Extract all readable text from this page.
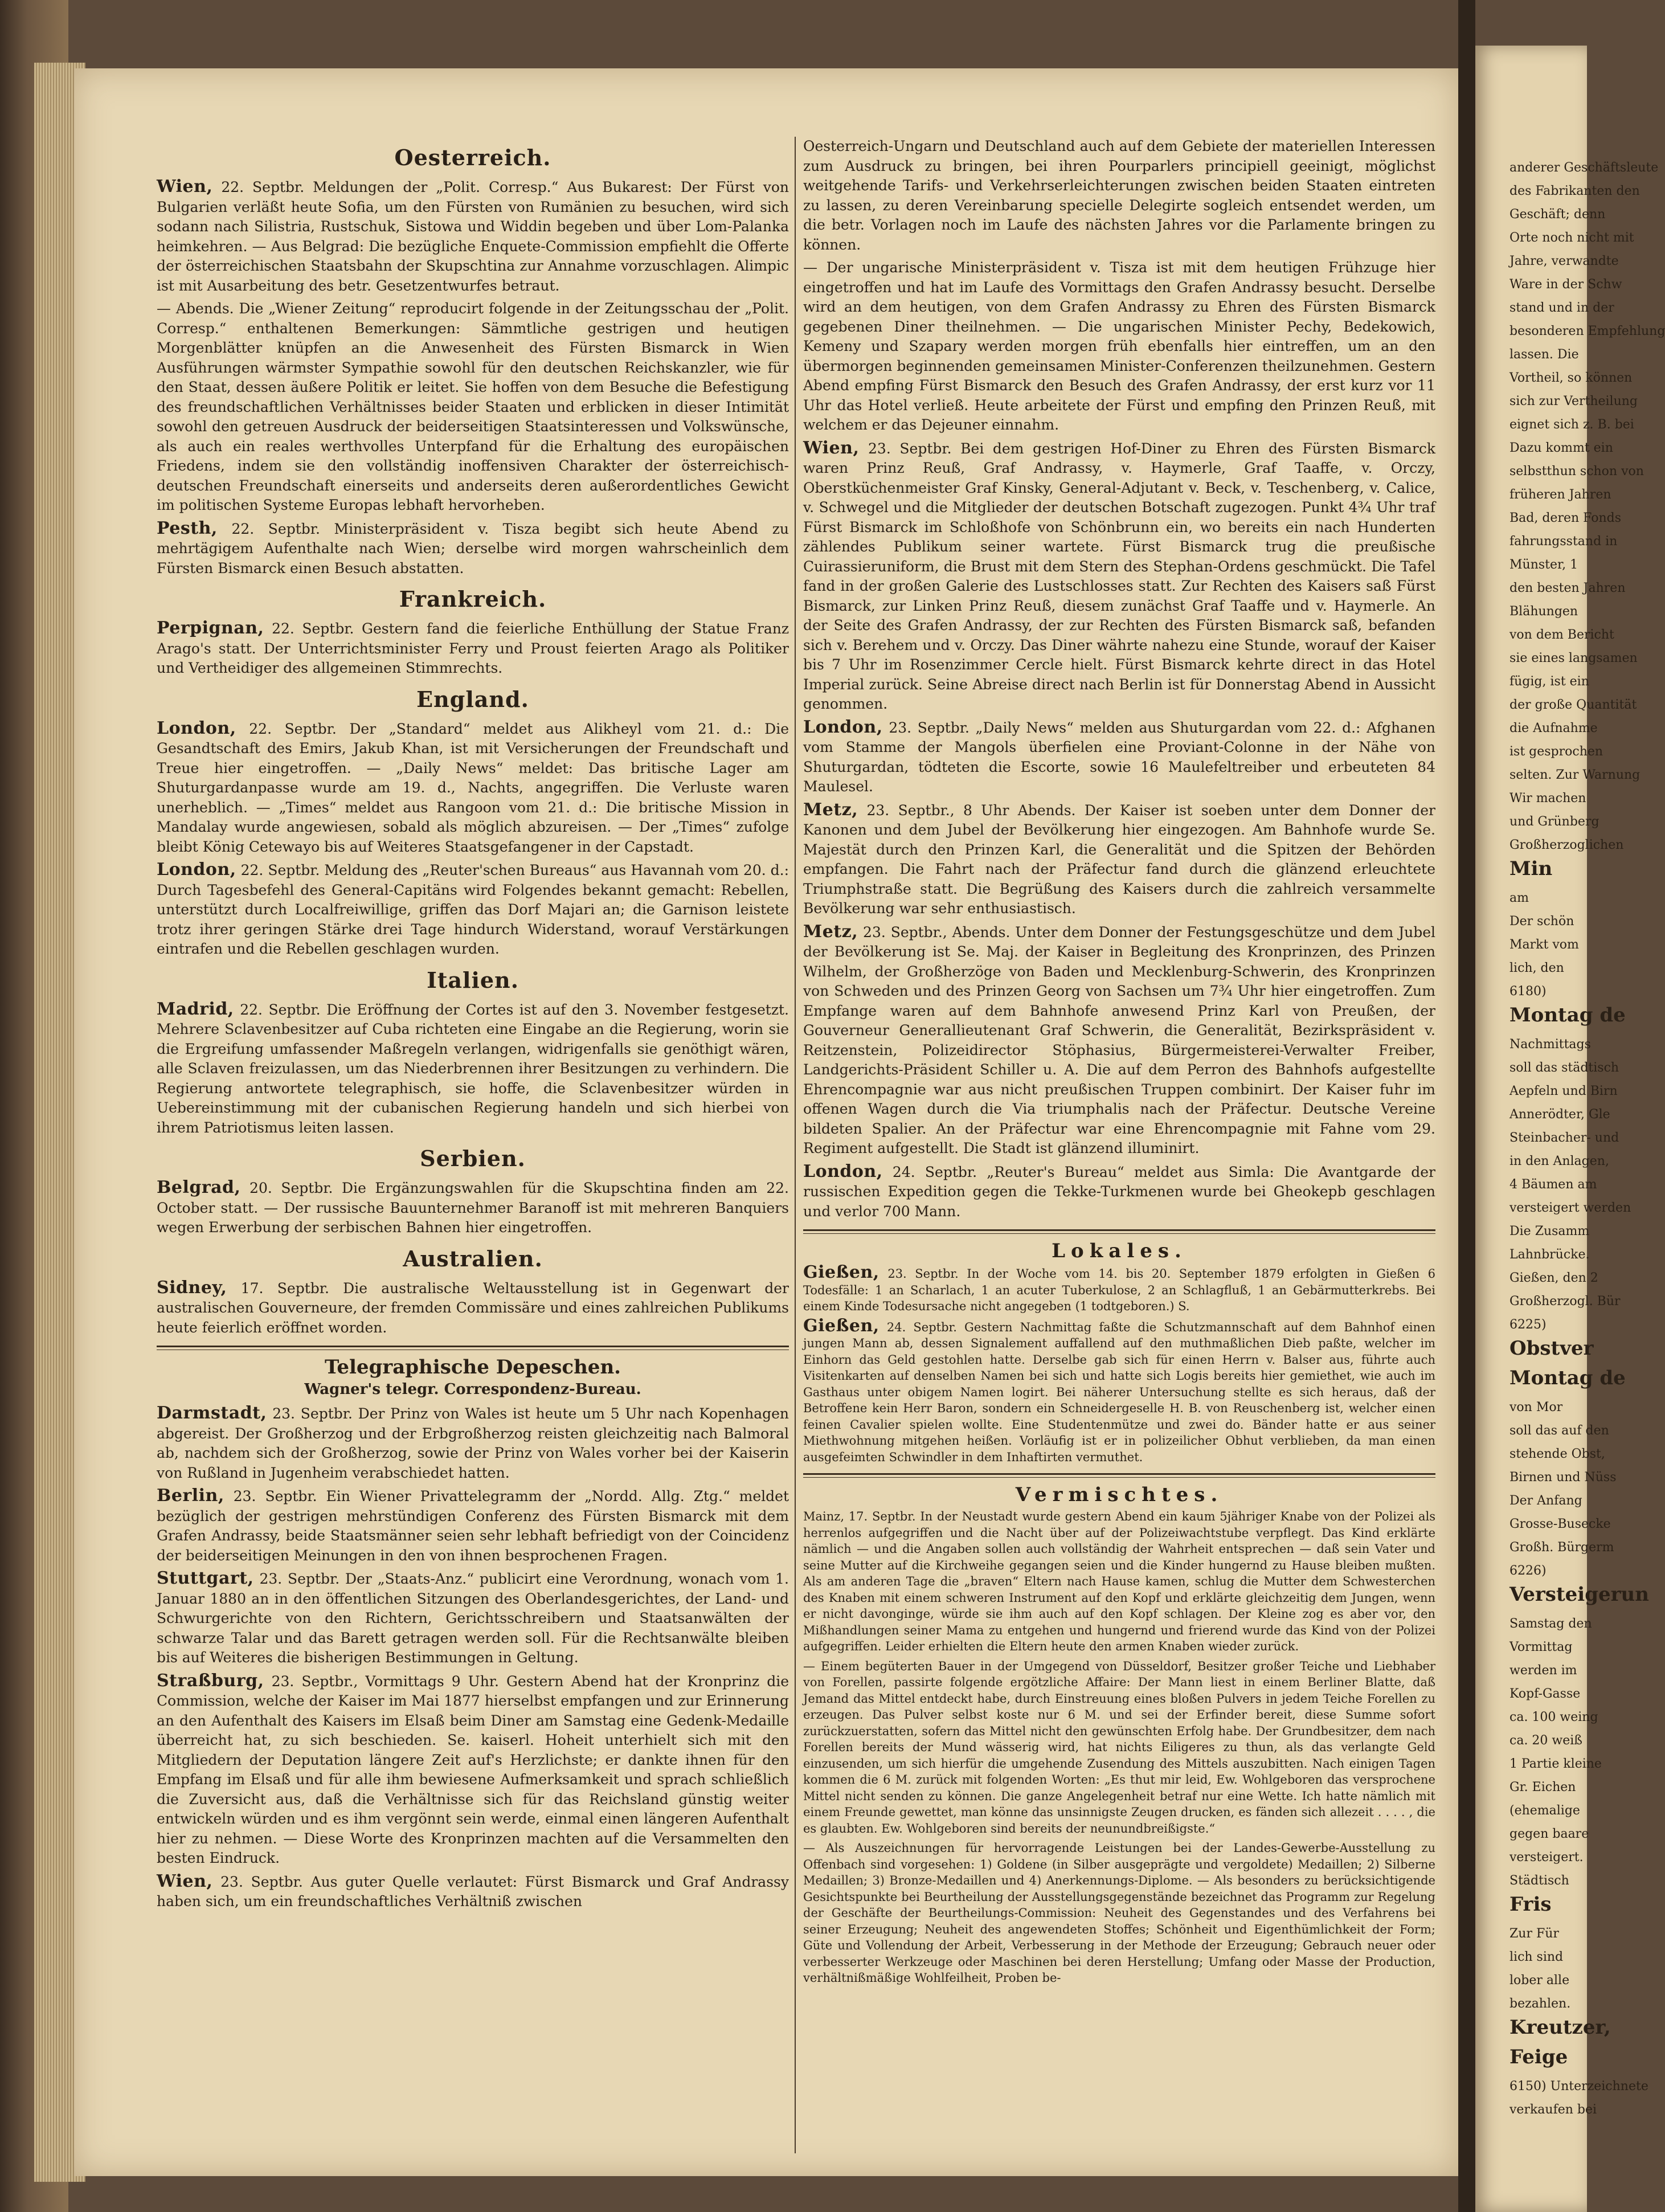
Oesterreich.

Wien, 22. Septbr. Meldungen der „Polit. Corresp.“ Aus Bukarest: Der Fürst von Bulgarien verläßt heute Sofia, um den Fürsten von Rumänien zu besuchen, wird sich sodann nach Silistria, Rustschuk, Sistowa und Widdin begeben und über Lom-Palanka heimkehren. — Aus Belgrad: Die bezügliche Enquete-Commission empfiehlt die Offerte der österreichischen Staatsbahn der Skupschtina zur Annahme vorzuschlagen. Alimpic ist mit Ausarbeitung des betr. Gesetzentwurfes betraut.

— Abends. Die „Wiener Zeitung“ reproducirt folgende in der Zeitungsschau der „Polit. Corresp.“ enthaltenen Bemerkungen: Sämmtliche gestrigen und heutigen Morgenblätter knüpfen an die Anwesenheit des Fürsten Bismarck in Wien Ausführungen wärmster Sympathie sowohl für den deutschen Reichskanzler, wie für den Staat, dessen äußere Politik er leitet. Sie hoffen von dem Besuche die Befestigung des freundschaftlichen Verhältnisses beider Staaten und erblicken in dieser Intimität sowohl den getreuen Ausdruck der beiderseitigen Staatsinteressen und Volkswünsche, als auch ein reales werthvolles Unterpfand für die Erhaltung des europäischen Friedens, indem sie den vollständig inoffensiven Charakter der österreichisch-deutschen Freundschaft einerseits und anderseits deren außerordentliches Gewicht im politischen Systeme Europas lebhaft hervorheben.

Pesth, 22. Septbr. Ministerpräsident v. Tisza begibt sich heute Abend zu mehrtägigem Aufenthalte nach Wien; derselbe wird morgen wahrscheinlich dem Fürsten Bismarck einen Besuch abstatten.

Frankreich.

Perpignan, 22. Septbr. Gestern fand die feierliche Enthüllung der Statue Franz Arago's statt. Der Unterrichtsminister Ferry und Proust feierten Arago als Politiker und Vertheidiger des allgemeinen Stimmrechts.

England.

London, 22. Septbr. Der „Standard“ meldet aus Alikheyl vom 21. d.: Die Gesandtschaft des Emirs, Jakub Khan, ist mit Versicherungen der Freundschaft und Treue hier eingetroffen. — „Daily News“ meldet: Das britische Lager am Shuturgardanpasse wurde am 19. d., Nachts, angegriffen. Die Verluste waren unerheblich. — „Times“ meldet aus Rangoon vom 21. d.: Die britische Mission in Mandalay wurde angewiesen, sobald als möglich abzureisen. — Der „Times“ zufolge bleibt König Cetewayo bis auf Weiteres Staatsgefangener in der Capstadt.

London, 22. Septbr. Meldung des „Reuter'schen Bureaus“ aus Havannah vom 20. d.: Durch Tagesbefehl des General-Capitäns wird Folgendes bekannt gemacht: Rebellen, unterstützt durch Localfreiwillige, griffen das Dorf Majari an; die Garnison leistete trotz ihrer geringen Stärke drei Tage hindurch Widerstand, worauf Verstärkungen eintrafen und die Rebellen geschlagen wurden.

Italien.

Madrid, 22. Septbr. Die Eröffnung der Cortes ist auf den 3. November festgesetzt. Mehrere Sclavenbesitzer auf Cuba richteten eine Eingabe an die Regierung, worin sie die Ergreifung umfassender Maßregeln verlangen, widrigenfalls sie genöthigt wären, alle Sclaven freizulassen, um das Niederbrennen ihrer Besitzungen zu verhindern. Die Regierung antwortete telegraphisch, sie hoffe, die Sclavenbesitzer würden in Uebereinstimmung mit der cubanischen Regierung handeln und sich hierbei von ihrem Patriotismus leiten lassen.

Serbien.

Belgrad, 20. Septbr. Die Ergänzungswahlen für die Skupschtina finden am 22. October statt. — Der russische Bauunternehmer Baranoff ist mit mehreren Banquiers wegen Erwerbung der serbischen Bahnen hier eingetroffen.

Australien.

Sidney, 17. Septbr. Die australische Weltausstellung ist in Gegenwart der australischen Gouverneure, der fremden Commissäre und eines zahlreichen Publikums heute feierlich eröffnet worden.

Telegraphische Depeschen.
Wagner's telegr. Correspondenz-Bureau.

Darmstadt, 23. Septbr. Der Prinz von Wales ist heute um 5 Uhr nach Kopenhagen abgereist. Der Großherzog und der Erbgroßherzog reisten gleichzeitig nach Balmoral ab, nachdem sich der Großherzog, sowie der Prinz von Wales vorher bei der Kaiserin von Rußland in Jugenheim verabschiedet hatten.

Berlin, 23. Septbr. Ein Wiener Privattelegramm der „Nordd. Allg. Ztg.“ meldet bezüglich der gestrigen mehrstündigen Conferenz des Fürsten Bismarck mit dem Grafen Andrassy, beide Staatsmänner seien sehr lebhaft befriedigt von der Coincidenz der beiderseitigen Meinungen in den von ihnen besprochenen Fragen.

Stuttgart, 23. Septbr. Der „Staats-Anz.“ publicirt eine Verordnung, wonach vom 1. Januar 1880 an in den öffentlichen Sitzungen des Oberlandesgerichtes, der Land- und Schwurgerichte von den Richtern, Gerichtsschreibern und Staatsanwälten der schwarze Talar und das Barett getragen werden soll. Für die Rechtsanwälte bleiben bis auf Weiteres die bisherigen Bestimmungen in Geltung.

Straßburg, 23. Septbr., Vormittags 9 Uhr. Gestern Abend hat der Kronprinz die Commission, welche der Kaiser im Mai 1877 hierselbst empfangen und zur Erinnerung an den Aufenthalt des Kaisers im Elsaß beim Diner am Samstag eine Gedenk-Medaille überreicht hat, zu sich beschieden. Se. kaiserl. Hoheit unterhielt sich mit den Mitgliedern der Deputation längere Zeit auf's Herzlichste; er dankte ihnen für den Empfang im Elsaß und für alle ihm bewiesene Aufmerksamkeit und sprach schließlich die Zuversicht aus, daß die Verhältnisse sich für das Reichsland günstig weiter entwickeln würden und es ihm vergönnt sein werde, einmal einen längeren Aufenthalt hier zu nehmen. — Diese Worte des Kronprinzen machten auf die Versammelten den besten Eindruck.

Wien, 23. Septbr. Aus guter Quelle verlautet: Fürst Bismarck und Graf Andrassy haben sich, um ein freundschaftliches Verhältniß zwischen

Oesterreich-Ungarn und Deutschland auch auf dem Gebiete der materiellen Interessen zum Ausdruck zu bringen, bei ihren Pourparlers principiell geeinigt, möglichst weitgehende Tarifs- und Verkehrserleichterungen zwischen beiden Staaten eintreten zu lassen, zu deren Vereinbarung specielle Delegirte sogleich entsendet werden, um die betr. Vorlagen noch im Laufe des nächsten Jahres vor die Parlamente bringen zu können.

— Der ungarische Ministerpräsident v. Tisza ist mit dem heutigen Frühzuge hier eingetroffen und hat im Laufe des Vormittags den Grafen Andrassy besucht. Derselbe wird an dem heutigen, von dem Grafen Andrassy zu Ehren des Fürsten Bismarck gegebenen Diner theilnehmen. — Die ungarischen Minister Pechy, Bedekowich, Kemeny und Szapary werden morgen früh ebenfalls hier eintreffen, um an den übermorgen beginnenden gemeinsamen Minister-Conferenzen theilzunehmen. Gestern Abend empfing Fürst Bismarck den Besuch des Grafen Andrassy, der erst kurz vor 11 Uhr das Hotel verließ. Heute arbeitete der Fürst und empfing den Prinzen Reuß, mit welchem er das Dejeuner einnahm.

Wien, 23. Septbr. Bei dem gestrigen Hof-Diner zu Ehren des Fürsten Bismarck waren Prinz Reuß, Graf Andrassy, v. Haymerle, Graf Taaffe, v. Orczy, Oberstküchenmeister Graf Kinsky, General-Adjutant v. Beck, v. Teschenberg, v. Calice, v. Schwegel und die Mitglieder der deutschen Botschaft zugezogen. Punkt 4¾ Uhr traf Fürst Bismarck im Schloßhofe von Schönbrunn ein, wo bereits ein nach Hunderten zählendes Publikum seiner wartete. Fürst Bismarck trug die preußische Cuirassieruniform, die Brust mit dem Stern des Stephan-Ordens geschmückt. Die Tafel fand in der großen Galerie des Lustschlosses statt. Zur Rechten des Kaisers saß Fürst Bismarck, zur Linken Prinz Reuß, diesem zunächst Graf Taaffe und v. Haymerle. An der Seite des Grafen Andrassy, der zur Rechten des Fürsten Bismarck saß, befanden sich v. Berehem und v. Orczy. Das Diner währte nahezu eine Stunde, worauf der Kaiser bis 7 Uhr im Rosenzimmer Cercle hielt. Fürst Bismarck kehrte direct in das Hotel Imperial zurück. Seine Abreise direct nach Berlin ist für Donnerstag Abend in Aussicht genommen.

London, 23. Septbr. „Daily News“ melden aus Shuturgardan vom 22. d.: Afghanen vom Stamme der Mangols überfielen eine Proviant-Colonne in der Nähe von Shuturgardan, tödteten die Escorte, sowie 16 Maulefeltreiber und erbeuteten 84 Maulesel.

Metz, 23. Septbr., 8 Uhr Abends. Der Kaiser ist soeben unter dem Donner der Kanonen und dem Jubel der Bevölkerung hier eingezogen. Am Bahnhofe wurde Se. Majestät durch den Prinzen Karl, die Generalität und die Spitzen der Behörden empfangen. Die Fahrt nach der Präfectur fand durch die glänzend erleuchtete Triumphstraße statt. Die Begrüßung des Kaisers durch die zahlreich versammelte Bevölkerung war sehr enthusiastisch.

Metz, 23. Septbr., Abends. Unter dem Donner der Festungsgeschütze und dem Jubel der Bevölkerung ist Se. Maj. der Kaiser in Begleitung des Kronprinzen, des Prinzen Wilhelm, der Großherzöge von Baden und Mecklenburg-Schwerin, des Kronprinzen von Schweden und des Prinzen Georg von Sachsen um 7¾ Uhr hier eingetroffen. Zum Empfange waren auf dem Bahnhofe anwesend Prinz Karl von Preußen, der Gouverneur Generallieutenant Graf Schwerin, die Generalität, Bezirkspräsident v. Reitzenstein, Polizeidirector Stöphasius, Bürgermeisterei-Verwalter Freiber, Landgerichts-Präsident Schiller u. A. Die auf dem Perron des Bahnhofs aufgestellte Ehrencompagnie war aus nicht preußischen Truppen combinirt. Der Kaiser fuhr im offenen Wagen durch die Via triumphalis nach der Präfectur. Deutsche Vereine bildeten Spalier. An der Präfectur war eine Ehrencompagnie mit Fahne vom 29. Regiment aufgestellt. Die Stadt ist glänzend illuminirt.

London, 24. Septbr. „Reuter's Bureau“ meldet aus Simla: Die Avantgarde der russischen Expedition gegen die Tekke-Turkmenen wurde bei Gheokepb geschlagen und verlor 700 Mann.

Lokales.

Gießen, 23. Septbr. In der Woche vom 14. bis 20. September 1879 erfolgten in Gießen 6 Todesfälle: 1 an Scharlach, 1 an acuter Tuberkulose, 2 an Schlagfluß, 1 an Gebärmutterkrebs. Bei einem Kinde Todesursache nicht angegeben (1 todtgeboren.) S.

Gießen, 24. Septbr. Gestern Nachmittag faßte die Schutzmannschaft auf dem Bahnhof einen jungen Mann ab, dessen Signalement auffallend auf den muthmaßlichen Dieb paßte, welcher im Einhorn das Geld gestohlen hatte. Derselbe gab sich für einen Herrn v. Balser aus, führte auch Visitenkarten auf denselben Namen bei sich und hatte sich Logis bereits hier gemiethet, wie auch im Gasthaus unter obigem Namen logirt. Bei näherer Untersuchung stellte es sich heraus, daß der Betroffene kein Herr Baron, sondern ein Schneidergeselle H. B. von Reuschenberg ist, welcher einen feinen Cavalier spielen wollte. Eine Studentenmütze und zwei do. Bänder hatte er aus seiner Miethwohnung mitgehen heißen. Vorläufig ist er in polizeilicher Obhut verblieben, da man einen ausgefeimten Schwindler in dem Inhaftirten vermuthet.

Vermischtes.

Mainz, 17. Septbr. In der Neustadt wurde gestern Abend ein kaum 5jähriger Knabe von der Polizei als herrenlos aufgegriffen und die Nacht über auf der Polizeiwachtstube verpflegt. Das Kind erklärte nämlich — und die Angaben sollen auch vollständig der Wahrheit entsprechen — daß sein Vater und seine Mutter auf die Kirchweihe gegangen seien und die Kinder hungernd zu Hause bleiben mußten. Als am anderen Tage die „braven“ Eltern nach Hause kamen, schlug die Mutter dem Schwesterchen des Knaben mit einem schweren Instrument auf den Kopf und erklärte gleichzeitig dem Jungen, wenn er nicht davonginge, würde sie ihm auch auf den Kopf schlagen. Der Kleine zog es aber vor, den Mißhandlungen seiner Mama zu entgehen und hungernd und frierend wurde das Kind von der Polizei aufgegriffen. Leider erhielten die Eltern heute den armen Knaben wieder zurück.

— Einem begüterten Bauer in der Umgegend von Düsseldorf, Besitzer großer Teiche und Liebhaber von Forellen, passirte folgende ergötzliche Affaire: Der Mann liest in einem Berliner Blatte, daß Jemand das Mittel entdeckt habe, durch Einstreuung eines bloßen Pulvers in jedem Teiche Forellen zu erzeugen. Das Pulver selbst koste nur 6 M. und sei der Erfinder bereit, diese Summe sofort zurückzuerstatten, sofern das Mittel nicht den gewünschten Erfolg habe. Der Grundbesitzer, dem nach Forellen bereits der Mund wässerig wird, hat nichts Eiligeres zu thun, als das verlangte Geld einzusenden, um sich hierfür die umgehende Zusendung des Mittels auszubitten. Nach einigen Tagen kommen die 6 M. zurück mit folgenden Worten: „Es thut mir leid, Ew. Wohlgeboren das versprochene Mittel nicht senden zu können. Die ganze Angelegenheit betraf nur eine Wette. Ich hatte nämlich mit einem Freunde gewettet, man könne das unsinnigste Zeugen drucken, es fänden sich allezeit . . . . , die es glaubten. Ew. Wohlgeboren sind bereits der neunundbreißigste.“

— Als Auszeichnungen für hervorragende Leistungen bei der Landes-Gewerbe-Ausstellung zu Offenbach sind vorgesehen: 1) Goldene (in Silber ausgeprägte und vergoldete) Medaillen; 2) Silberne Medaillen; 3) Bronze-Medaillen und 4) Anerkennungs-Diplome. — Als besonders zu berücksichtigende Gesichtspunkte bei Beurtheilung der Ausstellungsgegenstände bezeichnet das Programm zur Regelung der Geschäfte der Beurtheilungs-Commission: Neuheit des Gegenstandes und des Verfahrens bei seiner Erzeugung; Neuheit des angewendeten Stoffes; Schönheit und Eigenthümlichkeit der Form; Güte und Vollendung der Arbeit, Verbesserung in der Methode der Erzeugung; Gebrauch neuer oder verbesserter Werkzeuge oder Maschinen bei deren Herstellung; Umfang oder Masse der Production, verhältnißmäßige Wohlfeilheit, Proben be-

anderer Geschäftsleute
des Fabrikanten den
Geschäft; denn
Orte noch nicht mit
Jahre, verwandte
Ware in der Schw
stand und in der
besonderen Empfehlung
lassen. Die
Vortheil, so können
sich zur Vertheilung
eignet sich z. B. bei
Dazu kommt ein
selbstthun schon von
früheren Jahren
Bad, deren Fonds
fahrungsstand in
Münster, 1
den besten Jahren
Blähungen
von dem Bericht
sie eines langsamen
fügig, ist ein
der große Quantität
die Aufnahme
ist gesprochen
selten. Zur Warnung
Wir machen
und Grünberg
Großherzoglichen
Min
am
Der schön
Markt vom
lich, den
6180)
Montag de
Nachmittags
soll das städtisch
Aepfeln und Birn
Annerödter, Gle
Steinbacher- und
in den Anlagen,
4 Bäumen am
versteigert werden
Die Zusamm
Lahnbrücke.
Gießen, den 2
Großherzogl. Bür
6225)
Obstver
Montag de
von Mor
soll das auf den
stehende Obst,
Birnen und Nüss
Der Anfang
Grosse-Busecke
Großh. Bürgerm
6226)
Versteigerun
Samstag den
Vormittag
werden im
Kopf-Gasse
ca. 100 weing
ca. 20 weiß
1 Partie kleine
Gr. Eichen
(ehemalige
gegen baare
versteigert.
Städtisch
Fris
Zur Für
lich sind
lober alle
bezahlen.
Kreutzer,
Feige
6150) Unterzeichnete
verkaufen bei
